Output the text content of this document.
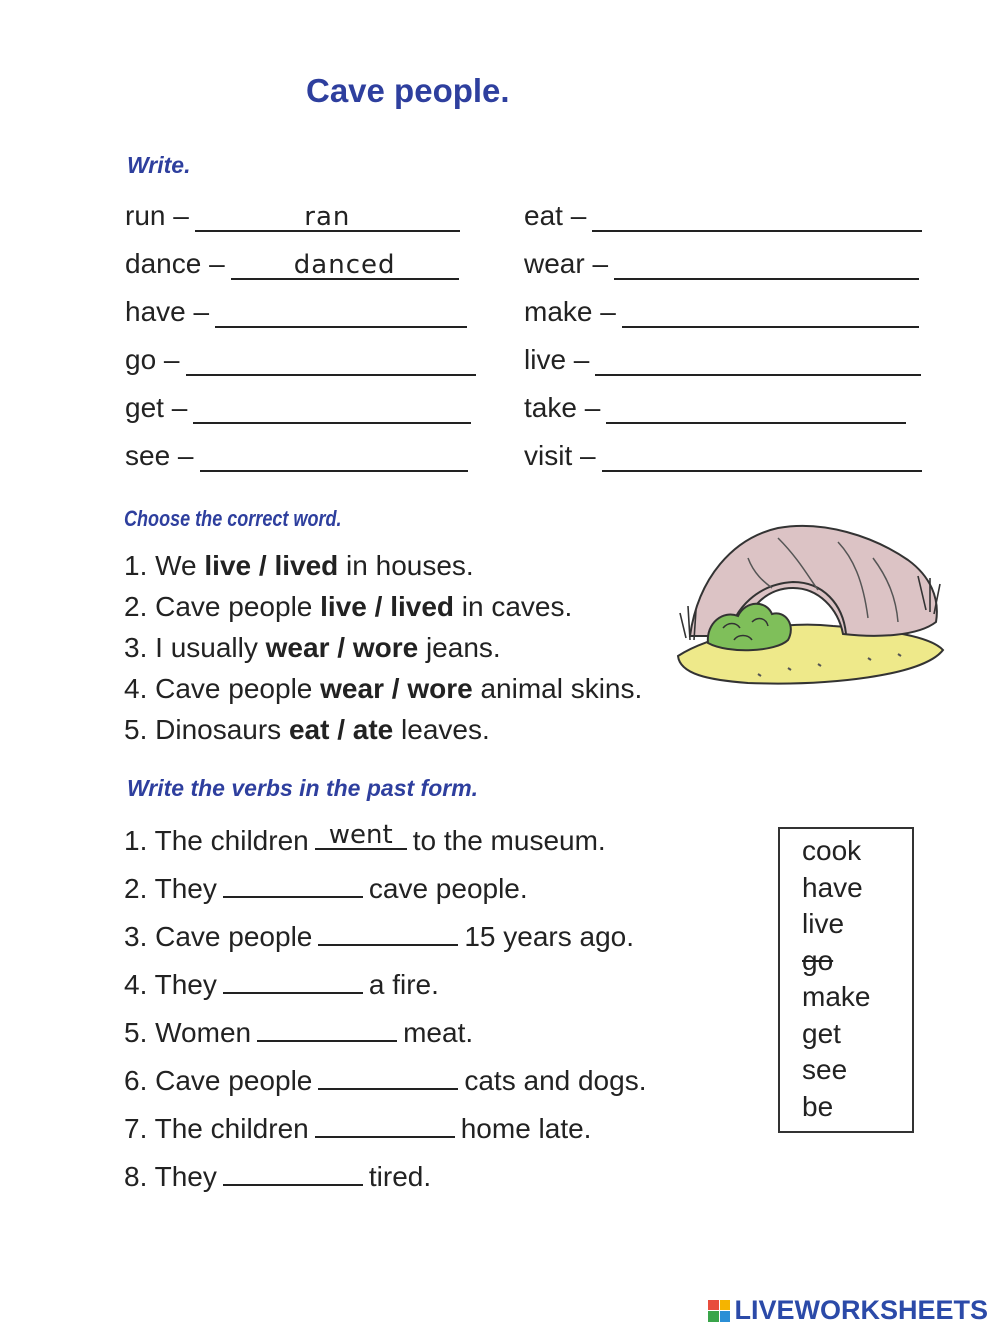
Cave people.
Write.
run –	ran
dance –	danced
have –
go –
get –
see –
eat –
wear –
make –
live –
take –
visit –
Choose the correct word.
1. We live / lived in houses.
2. Cave people live / lived in caves.
3. I usually wear / wore jeans.
4. Cave people wear / wore animal skins.
5. Dinosaurs eat / ate leaves.
Write the verbs in the past form.
1. The children went to the museum.
2. They	cave people.
3. Cave people	15 years ago.
4. They	a fire.
5. Women	meat.
6. Cave people	cats and dogs.
7. The children	home late.
8. They	tired.
cook
have
live
go
make
get
see
be
LIVEWORKSHEETS
